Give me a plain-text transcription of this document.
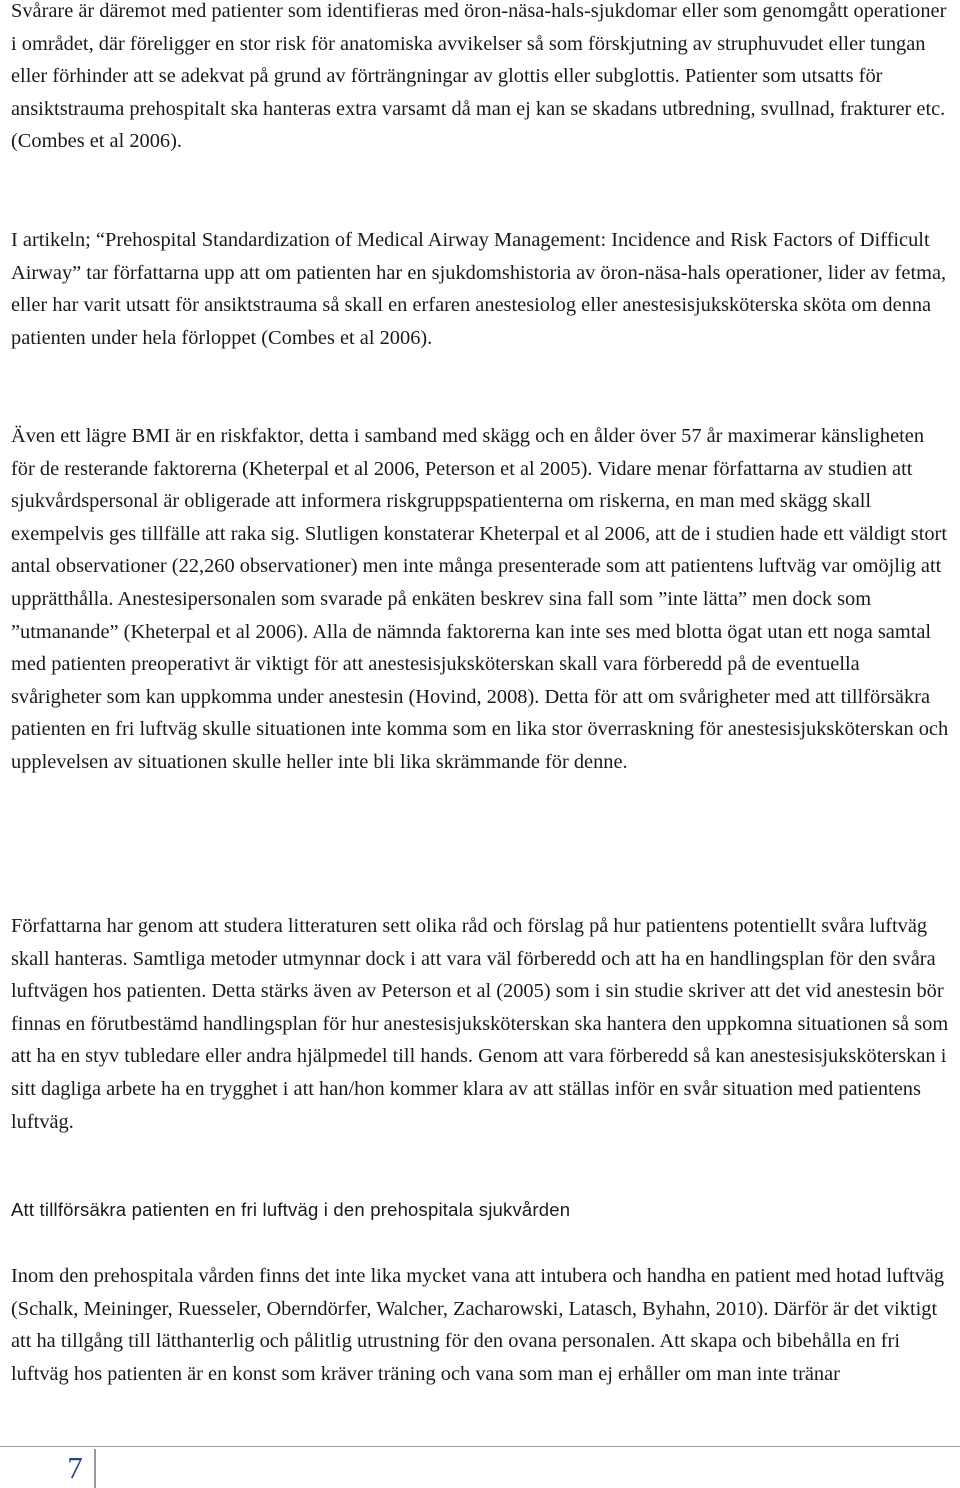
Svårare är däremot med patienter som identifieras med öron-näsa-hals-sjukdomar eller som genomgått operationer i området, där föreligger en stor risk för anatomiska avvikelser så som förskjutning av struphuvudet eller tungan eller förhinder att se adekvat på grund av förträngningar av glottis eller subglottis. Patienter som utsatts för ansiktstrauma prehospitalt ska hanteras extra varsamt då man ej kan se skadans utbredning, svullnad, frakturer etc. (Combes et al 2006).

I artikeln; “Prehospital Standardization of Medical Airway Management: Incidence and Risk Factors of Difficult Airway” tar författarna upp att om patienten har en sjukdomshistoria av öron-näsa-hals operationer, lider av fetma, eller har varit utsatt för ansiktstrauma så skall en erfaren anestesiolog eller anestesisjuksköterska sköta om denna patienten under hela förloppet (Combes et al 2006).

Även ett lägre BMI är en riskfaktor, detta i samband med skägg och en ålder över 57 år maximerar känsligheten för de resterande faktorerna (Kheterpal et al 2006, Peterson et al 2005). Vidare menar författarna av studien att sjukvårdspersonal är obligerade att informera riskgruppspatienterna om riskerna, en man med skägg skall exempelvis ges tillfälle att raka sig. Slutligen konstaterar Kheterpal et al 2006, att de i studien hade ett väldigt stort antal observationer (22,260 observationer) men inte många presenterade som att patientens luftväg var omöjlig att upprätthålla. Anestesipersonalen som svarade på enkäten beskrev sina fall som ”inte lätta” men dock som ”utmanande” (Kheterpal et al 2006). Alla de nämnda faktorerna kan inte ses med blotta ögat utan ett noga samtal med patienten preoperativt är viktigt för att anestesisjuksköterskan skall vara förberedd på de eventuella svårigheter som kan uppkomma under anestesin (Hovind, 2008). Detta för att om svårigheter med att tillförsäkra patienten en fri luftväg skulle situationen inte komma som en lika stor överraskning för anestesisjuksköterskan och upplevelsen av situationen skulle heller inte bli lika skrämmande för denne.

Författarna har genom att studera litteraturen sett olika råd och förslag på hur patientens potentiellt svåra luftväg skall hanteras. Samtliga metoder utmynnar dock i att vara väl förberedd och att ha en handlingsplan för den svåra luftvägen hos patienten. Detta stärks även av Peterson et al (2005) som i sin studie skriver att det vid anestesin bör finnas en förutbestämd handlingsplan för hur anestesisjuksköterskan ska hantera den uppkomna situationen så som att ha en styv tubledare eller andra hjälpmedel till hands. Genom att vara förberedd så kan anestesisjuksköterskan i sitt dagliga arbete ha en trygghet i att han/hon kommer klara av att ställas inför en svår situation med patientens luftväg.

Att tillförsäkra patienten en fri luftväg i den prehospitala sjukvården

Inom den prehospitala vården finns det inte lika mycket vana att intubera och handha en patient med hotad luftväg (Schalk, Meininger, Ruesseler, Oberndörfer, Walcher, Zacharowski, Latasch, Byhahn, 2010). Därför är det viktigt att ha tillgång till lätthanterlig och pålitlig utrustning för den ovana personalen. Att skapa och bibehålla en fri luftväg hos patienten är en konst som kräver träning och vana som man ej erhåller om man inte tränar

7
